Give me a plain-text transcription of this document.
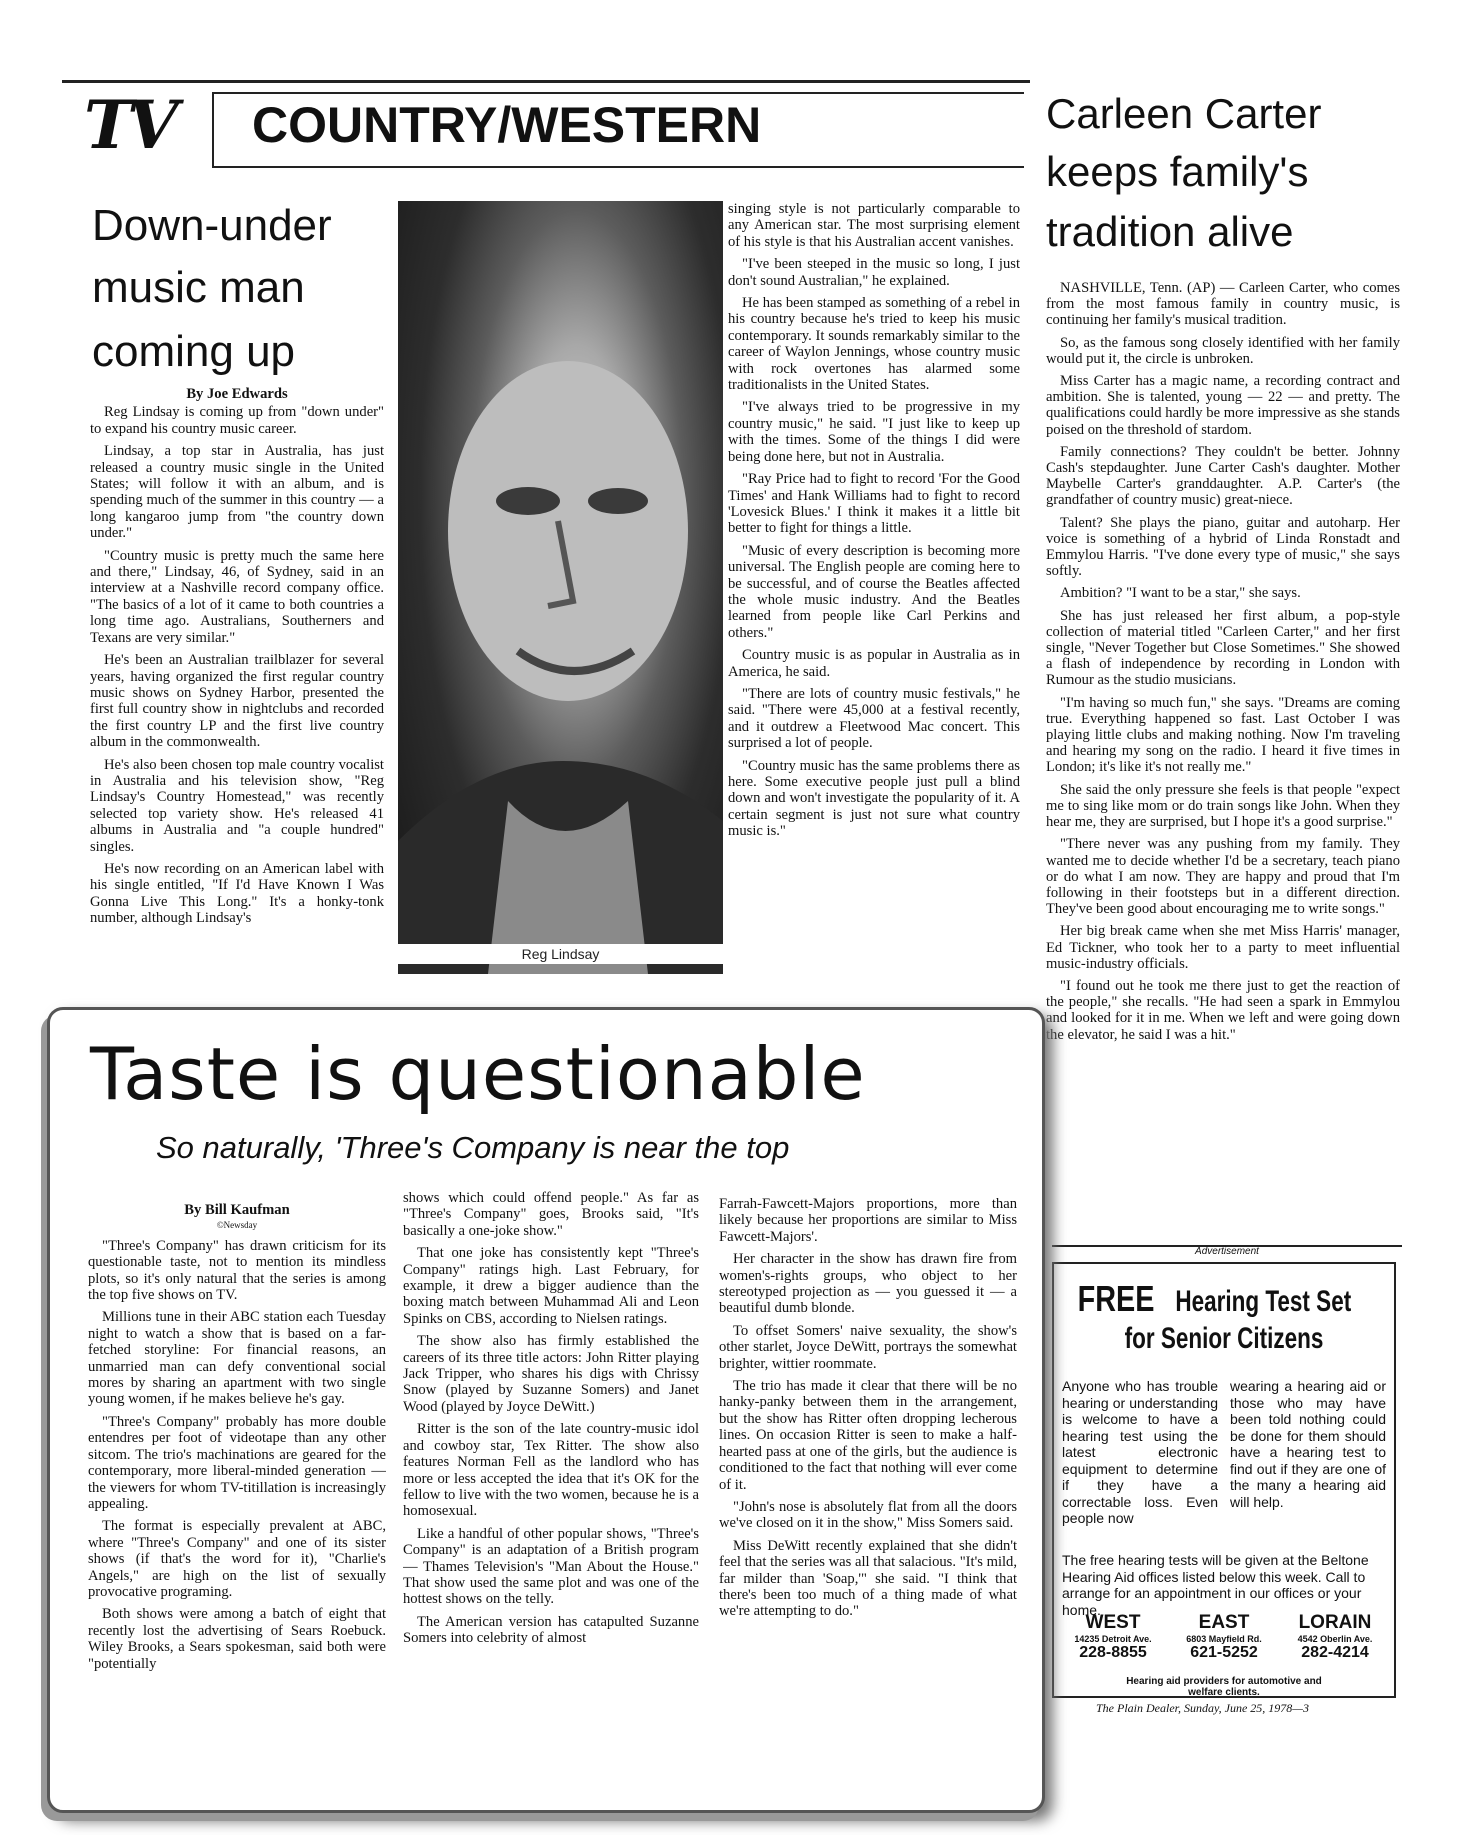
TV COUNTRY/WESTERN
Down-under
music man
coming up

By Joe Edwards

Reg Lindsay is coming up from "down under" to expand his country music career.

Lindsay, a top star in Australia, has just released a country music single in the United States; will follow it with an album, and is spending much of the summer in this country — a long kangaroo jump from "the country down under."

"Country music is pretty much the same here and there," Lindsay, 46, of Sydney, said in an interview at a Nashville record company office. "The basics of a lot of it came to both countries a long time ago. Australians, Southerners and Texans are very similar."

He's been an Australian trailblazer for several years, having organized the first regular country music shows on Sydney Harbor, presented the first full country show in nightclubs and recorded the first country LP and the first live country album in the commonwealth.

He's also been chosen top male country vocalist in Australia and his television show, "Reg Lindsay's Country Homestead," was recently selected top variety show. He's released 41 albums in Australia and "a couple hundred" singles.

He's now recording on an American label with his single entitled, "If I'd Have Known I Was Gonna Live This Long." It's a honky-tonk number, although Lindsay's

Reg Lindsay

singing style is not particularly comparable to any American star. The most surprising element of his style is that his Australian accent vanishes.

"I've been steeped in the music so long, I just don't sound Australian," he explained.

He has been stamped as something of a rebel in his country because he's tried to keep his music contemporary. It sounds remarkably similar to the career of Waylon Jennings, whose country music with rock overtones has alarmed some traditionalists in the United States.

"I've always tried to be progressive in my country music," he said. "I just like to keep up with the times. Some of the things I did were being done here, but not in Australia.

"Ray Price had to fight to record 'For the Good Times' and Hank Williams had to fight to record 'Lovesick Blues.' I think it makes it a little bit better to fight for things a little.

"Music of every description is becoming more universal. The English people are coming here to be successful, and of course the Beatles affected the whole music industry. And the Beatles learned from people like Carl Perkins and others."

Country music is as popular in Australia as in America, he said.

"There are lots of country music festivals," he said. "There were 45,000 at a festival recently, and it outdrew a Fleetwood Mac concert. This surprised a lot of people.

"Country music has the same problems there as here. Some executive people just pull a blind down and won't investigate the popularity of it. A certain segment is just not sure what country music is."

Carleen Carter
keeps family's
tradition alive

NASHVILLE, Tenn. (AP) — Carleen Carter, who comes from the most famous family in country music, is continuing her family's musical tradition.

So, as the famous song closely identified with her family would put it, the circle is unbroken.

Miss Carter has a magic name, a recording contract and ambition. She is talented, young — 22 — and pretty. The qualifications could hardly be more impressive as she stands poised on the threshold of stardom.

Family connections? They couldn't be better. Johnny Cash's stepdaughter. June Carter Cash's daughter. Mother Maybelle Carter's granddaughter. A.P. Carter's (the grandfather of country music) great-niece.

Talent? She plays the piano, guitar and autoharp. Her voice is something of a hybrid of Linda Ronstadt and Emmylou Harris. "I've done every type of music," she says softly.

Ambition? "I want to be a star," she says.

She has just released her first album, a pop-style collection of material titled "Carleen Carter," and her first single, "Never Together but Close Sometimes." She showed a flash of independence by recording in London with Rumour as the studio musicians.

"I'm having so much fun," she says. "Dreams are coming true. Everything happened so fast. Last October I was playing little clubs and making nothing. Now I'm traveling and hearing my song on the radio. I heard it five times in London; it's like it's not really me."

She said the only pressure she feels is that people "expect me to sing like mom or do train songs like John. When they hear me, they are surprised, but I hope it's a good surprise."

"There never was any pushing from my family. They wanted me to decide whether I'd be a secretary, teach piano or do what I am now. They are happy and proud that I'm following in their footsteps but in a different direction. They've been good about encouraging me to write songs."

Her big break came when she met Miss Harris' manager, Ed Tickner, who took her to a party to meet influential music-industry officials.

"I found out he took me there just to get the reaction of the people," she recalls. "He had seen a spark in Emmylou and looked for it in me. When we left and were going down the elevator, he said I was a hit."

Advertisement
FREE Hearing Test Set
for Senior Citizens
Anyone who has trouble hearing or understanding is welcome to have a hearing test using the latest electronic equipment to determine if they have a correctable loss. Even people now
wearing a hearing aid or those who may have been told nothing could be done for them should have a hearing test to find out if they are one of the many a hearing aid will help.
The free hearing tests will be given at the Beltone Hearing Aid offices listed below this week. Call to arrange for an appointment in our offices or your home.
WEST
14235 Detroit Ave.
228-8855
EAST
6803 Mayfield Rd.
621-5252
LORAIN
4542 Oberlin Ave.
282-4214
Hearing aid providers for automotive and welfare clients.
The Plain Dealer, Sunday, June 25, 1978—3
Taste is questionable
So naturally, 'Three's Company is near the top

By Bill Kaufman

©Newsday

"Three's Company" has drawn criticism for its questionable taste, not to mention its mindless plots, so it's only natural that the series is among the top five shows on TV.

Millions tune in their ABC station each Tuesday night to watch a show that is based on a far-fetched storyline: For financial reasons, an unmarried man can defy conventional social mores by sharing an apartment with two single young women, if he makes believe he's gay.

"Three's Company" probably has more double entendres per foot of videotape than any other sitcom. The trio's machinations are geared for the contemporary, more liberal-minded generation — the viewers for whom TV-titillation is increasingly appealing.

The format is especially prevalent at ABC, where "Three's Company" and one of its sister shows (if that's the word for it), "Charlie's Angels," are high on the list of sexually provocative programing.

Both shows were among a batch of eight that recently lost the advertising of Sears Roebuck. Wiley Brooks, a Sears spokesman, said both were "potentially

shows which could offend people." As far as "Three's Company" goes, Brooks said, "It's basically a one-joke show."

That one joke has consistently kept "Three's Company" ratings high. Last February, for example, it drew a bigger audience than the boxing match between Muhammad Ali and Leon Spinks on CBS, according to Nielsen ratings.

The show also has firmly established the careers of its three title actors: John Ritter playing Jack Tripper, who shares his digs with Chrissy Snow (played by Suzanne Somers) and Janet Wood (played by Joyce DeWitt.)

Ritter is the son of the late country-music idol and cowboy star, Tex Ritter. The show also features Norman Fell as the landlord who has more or less accepted the idea that it's OK for the fellow to live with the two women, because he is a homosexual.

Like a handful of other popular shows, "Three's Company" is an adaptation of a British program — Thames Television's "Man About the House." That show used the same plot and was one of the hottest shows on the telly.

The American version has catapulted Suzanne Somers into celebrity of almost

Farrah-Fawcett-Majors proportions, more than likely because her proportions are similar to Miss Fawcett-Majors'.

Her character in the show has drawn fire from women's-rights groups, who object to her stereotyped projection as — you guessed it — a beautiful dumb blonde.

To offset Somers' naive sexuality, the show's other starlet, Joyce DeWitt, portrays the somewhat brighter, wittier roommate.

The trio has made it clear that there will be no hanky-panky between them in the arrangement, but the show has Ritter often dropping lecherous lines. On occasion Ritter is seen to make a half-hearted pass at one of the girls, but the audience is conditioned to the fact that nothing will ever come of it.

"John's nose is absolutely flat from all the doors we've closed on it in the show," Miss Somers said.

Miss DeWitt recently explained that she didn't feel that the series was all that salacious. "It's mild, far milder than 'Soap,'" she said. "I think that there's been too much of a thing made of what we're attempting to do."
